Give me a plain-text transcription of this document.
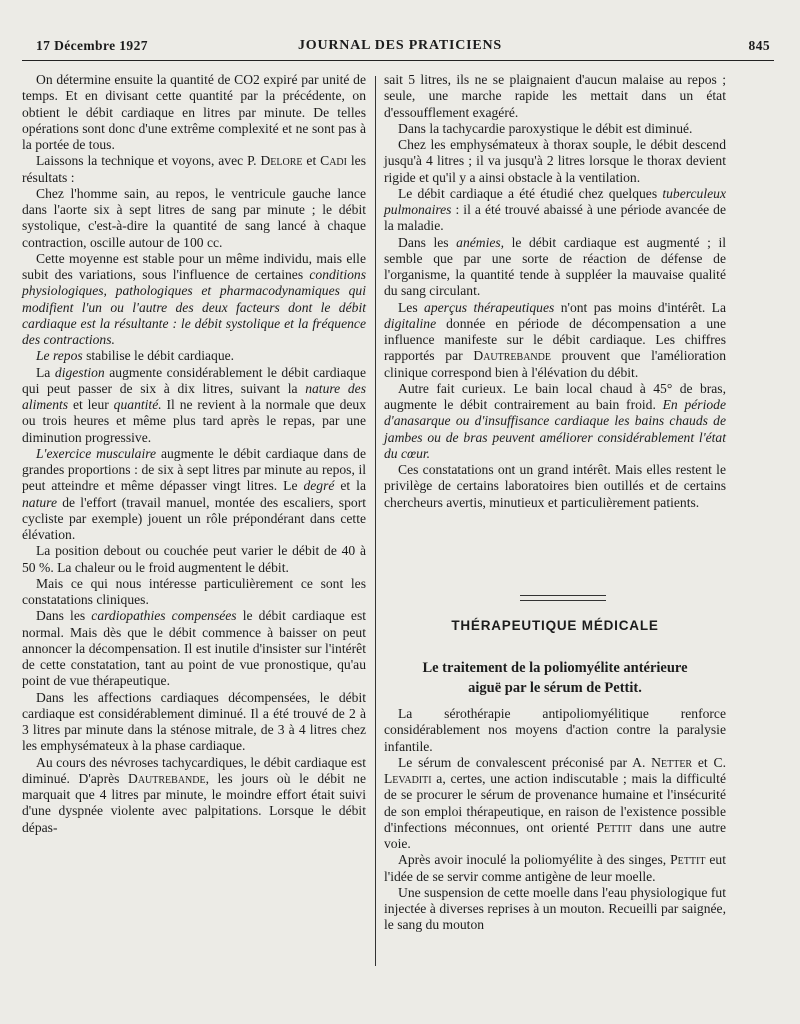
17 Décembre 1927	JOURNAL DES PRATICIENS	845

On détermine ensuite la quantité de CO2 expiré par unité de temps. Et en divisant cette quantité par la précédente, on obtient le débit cardiaque en litres par minute. De telles opérations sont donc d'une extrême complexité et ne sont pas à la portée de tous.

Laissons la technique et voyons, avec P. Delore et Cadi les résultats :

Chez l'homme sain, au repos, le ventricule gauche lance dans l'aorte six à sept litres de sang par minute ; le débit systolique, c'est-à-dire la quantité de sang lancé à chaque contraction, oscille autour de 100 cc.

Cette moyenne est stable pour un même individu, mais elle subit des variations, sous l'influence de certaines conditions physiologiques, pathologiques et pharmacodynamiques qui modifient l'un ou l'autre des deux facteurs dont le débit cardiaque est la résultante : le débit systolique et la fréquence des contractions.

Le repos stabilise le débit cardiaque.

La digestion augmente considérablement le débit cardiaque qui peut passer de six à dix litres, suivant la nature des aliments et leur quantité. Il ne revient à la normale que deux ou trois heures et même plus tard après le repas, par une diminution progressive.

L'exercice musculaire augmente le débit cardiaque dans de grandes proportions : de six à sept litres par minute au repos, il peut atteindre et même dépasser vingt litres. Le degré et la nature de l'effort (travail manuel, montée des escaliers, sport cycliste par exemple) jouent un rôle prépondérant dans cette élévation.

La position debout ou couchée peut varier le débit de 40 à 50 %. La chaleur ou le froid augmentent le débit.

Mais ce qui nous intéresse particulièrement ce sont les constatations cliniques.

Dans les cardiopathies compensées le débit cardiaque est normal. Mais dès que le débit commence à baisser on peut annoncer la décompensation. Il est inutile d'insister sur l'intérêt de cette constatation, tant au point de vue pronostique, qu'au point de vue thérapeutique.

Dans les affections cardiaques décompensées, le débit cardiaque est considérablement diminué. Il a été trouvé de 2 à 3 litres par minute dans la sténose mitrale, de 3 à 4 litres chez les emphysémateux à la phase cardiaque.

Au cours des névroses tachycardiques, le débit cardiaque est diminué. D'après Dautrebande, les jours où le débit ne marquait que 4 litres par minute, le moindre effort était suivi d'une dyspnée violente avec palpitations. Lorsque le débit dépas-

sait 5 litres, ils ne se plaignaient d'aucun malaise au repos ; seule, une marche rapide les mettait dans un état d'essoufflement exagéré.

Dans la tachycardie paroxystique le débit est diminué.

Chez les emphysémateux à thorax souple, le débit descend jusqu'à 4 litres ; il va jusqu'à 2 litres lorsque le thorax devient rigide et qu'il y a ainsi obstacle à la ventilation.

Le débit cardiaque a été étudié chez quelques tuberculeux pulmonaires : il a été trouvé abaissé à une période avancée de la maladie.

Dans les anémies, le débit cardiaque est augmenté ; il semble que par une sorte de réaction de défense de l'organisme, la quantité tende à suppléer la mauvaise qualité du sang circulant.

Les aperçus thérapeutiques n'ont pas moins d'intérêt. La digitaline donnée en période de décompensation a une influence manifeste sur le débit cardiaque. Les chiffres rapportés par Dautrebande prouvent que l'amélioration clinique correspond bien à l'élévation du débit.

Autre fait curieux. Le bain local chaud à 45° de bras, augmente le débit contrairement au bain froid. En période d'anasarque ou d'insuffisance cardiaque les bains chauds de jambes ou de bras peuvent améliorer considérablement l'état du cœur.

Ces constatations ont un grand intérêt. Mais elles restent le privilège de certains laboratoires bien outillés et de certains chercheurs avertis, minutieux et particulièrement patients.

THÉRAPEUTIQUE MÉDICALE
Le traitement de la poliomyélite antérieure
aiguë par le sérum de Pettit.

La sérothérapie antipoliomyélitique renforce considérablement nos moyens d'action contre la paralysie infantile.

Le sérum de convalescent préconisé par A. Netter et C. Levaditi a, certes, une action indiscutable ; mais la difficulté de se procurer le sérum de provenance humaine et l'insécurité de son emploi thérapeutique, en raison de l'existence possible d'infections méconnues, ont orienté Pettit dans une autre voie.

Après avoir inoculé la poliomyélite à des singes, Pettit eut l'idée de se servir comme antigène de leur moelle.

Une suspension de cette moelle dans l'eau physiologique fut injectée à diverses reprises à un mouton. Recueilli par saignée, le sang du mouton
